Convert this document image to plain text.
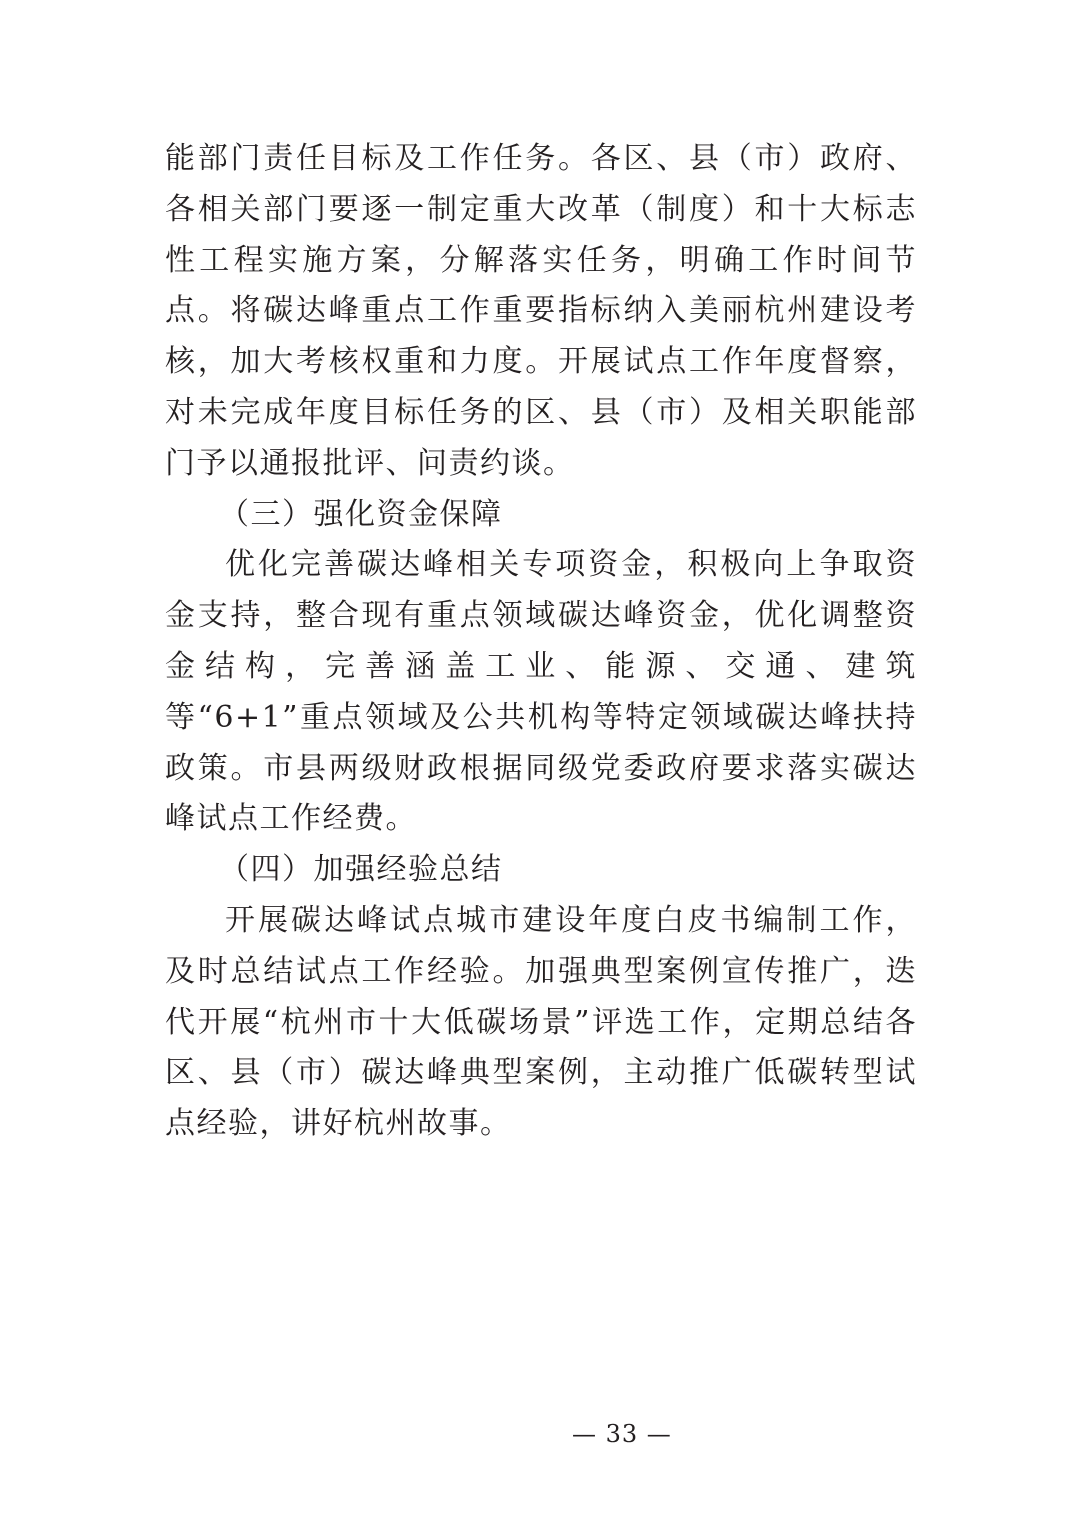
能部门责任目标及工作任务。各区、县（市）政府、各相关部门要逐一制定重大改革（制度）和十大标志性工程实施方案，分解落实任务，明确工作时间节点。将碳达峰重点工作重要指标纳入美丽杭州建设考核，加大考核权重和力度。开展试点工作年度督察，对未完成年度目标任务的区、县（市）及相关职能部门予以通报批评、问责约谈。

（三）强化资金保障

优化完善碳达峰相关专项资金，积极向上争取资金支持，整合现有重点领域碳达峰资金，优化调整资金结构，完善涵盖工业、能源、交通、建筑等“6+1”重点领域及公共机构等特定领域碳达峰扶持政策。市县两级财政根据同级党委政府要求落实碳达峰试点工作经费。

（四）加强经验总结

开展碳达峰试点城市建设年度白皮书编制工作，及时总结试点工作经验。加强典型案例宣传推广，迭代开展“杭州市十大低碳场景”评选工作，定期总结各区、县（市）碳达峰典型案例，主动推广低碳转型试点经验，讲好杭州故事。

— 33 —
